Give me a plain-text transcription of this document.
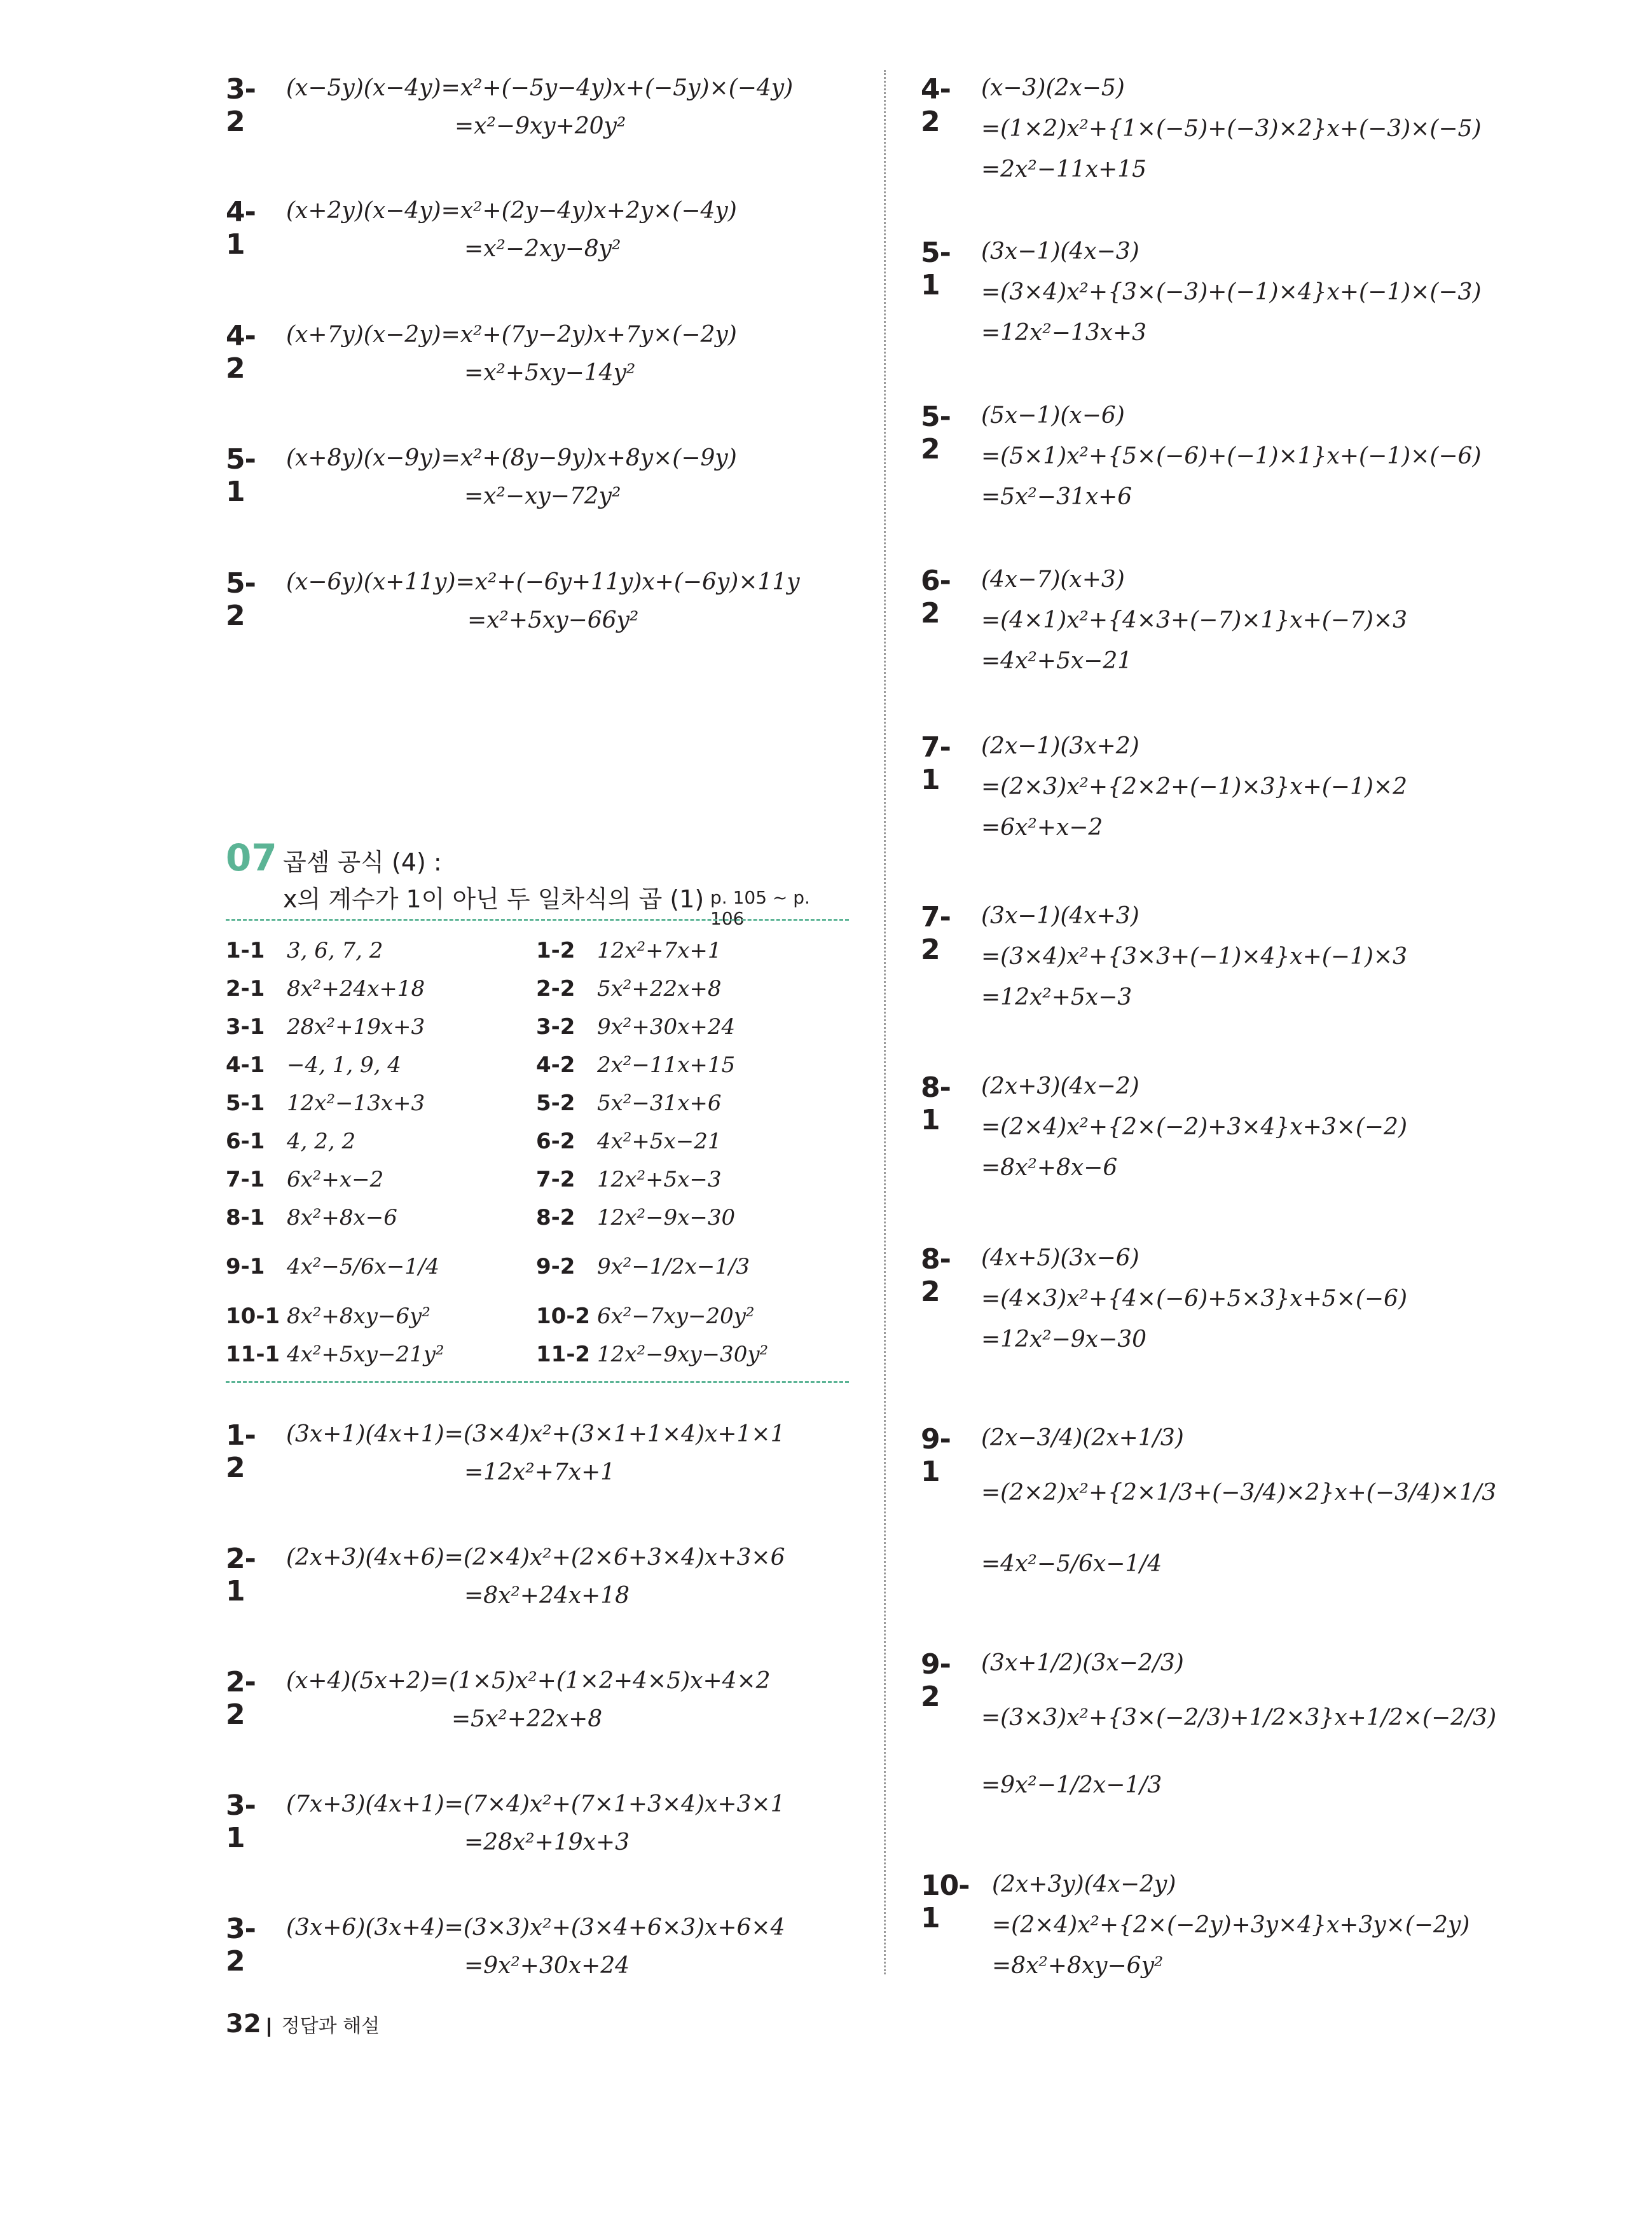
3-2
(x−5y)(x−4y)=x²+(−5y−4y)x+(−5y)×(−4y)
=x²−9xy+20y²
4-1
(x+2y)(x−4y)=x²+(2y−4y)x+2y×(−4y)
=x²−2xy−8y²
4-2
(x+7y)(x−2y)=x²+(7y−2y)x+7y×(−2y)
=x²+5xy−14y²
5-1
(x+8y)(x−9y)=x²+(8y−9y)x+8y×(−9y)
=x²−xy−72y²
5-2
(x−6y)(x+11y)=x²+(−6y+11y)x+(−6y)×11y
=x²+5xy−66y²
07 곱셈 공식 (4) :
x의 계수가 1이 아닌 두 일차식의 곱 (1) p. 105 ~ p. 106
1-1 3, 6, 7, 2	1-2 12x²+7x+1
2-1 8x²+24x+18	2-2 5x²+22x+8
3-1 28x²+19x+3	3-2 9x²+30x+24
4-1 −4, 1, 9, 4	4-2 2x²−11x+15
5-1 12x²−13x+3	5-2 5x²−31x+6
6-1 4, 2, 2	6-2 4x²+5x−21
7-1 6x²+x−2	7-2 12x²+5x−3
8-1 8x²+8x−6	8-2 12x²−9x−30
9-1 4x²−5/6x−1/4	9-2 9x²−1/2x−1/3
10-1 8x²+8xy−6y²	10-2 6x²−7xy−20y²
11-1 4x²+5xy−21y²	11-2 12x²−9xy−30y²
1-2
(3x+1)(4x+1)=(3×4)x²+(3×1+1×4)x+1×1
=12x²+7x+1
2-1
(2x+3)(4x+6)=(2×4)x²+(2×6+3×4)x+3×6
=8x²+24x+18
2-2
(x+4)(5x+2)=(1×5)x²+(1×2+4×5)x+4×2
=5x²+22x+8
3-1
(7x+3)(4x+1)=(7×4)x²+(7×1+3×4)x+3×1
=28x²+19x+3
3-2
(3x+6)(3x+4)=(3×3)x²+(3×4+6×3)x+6×4
=9x²+30x+24
4-2
(x−3)(2x−5)
=(1×2)x²+{1×(−5)+(−3)×2}x+(−3)×(−5)
=2x²−11x+15
5-1
(3x−1)(4x−3)
=(3×4)x²+{3×(−3)+(−1)×4}x+(−1)×(−3)
=12x²−13x+3
5-2
(5x−1)(x−6)
=(5×1)x²+{5×(−6)+(−1)×1}x+(−1)×(−6)
=5x²−31x+6
6-2
(4x−7)(x+3)
=(4×1)x²+{4×3+(−7)×1}x+(−7)×3
=4x²+5x−21
7-1
(2x−1)(3x+2)
=(2×3)x²+{2×2+(−1)×3}x+(−1)×2
=6x²+x−2
7-2
(3x−1)(4x+3)
=(3×4)x²+{3×3+(−1)×4}x+(−1)×3
=12x²+5x−3
8-1
(2x+3)(4x−2)
=(2×4)x²+{2×(−2)+3×4}x+3×(−2)
=8x²+8x−6
8-2
(4x+5)(3x−6)
=(4×3)x²+{4×(−6)+5×3}x+5×(−6)
=12x²−9x−30
9-1
(2x−3/4)(2x+1/3)
=(2×2)x²+{2×1/3+(−3/4)×2}x+(−3/4)×1/3
=4x²−5/6x−1/4
9-2
(3x+1/2)(3x−2/3)
=(3×3)x²+{3×(−2/3)+1/2×3}x+1/2×(−2/3)
=9x²−1/2x−1/3
10-1
(2x+3y)(4x−2y)
=(2×4)x²+{2×(−2y)+3y×4}x+3y×(−2y)
=8x²+8xy−6y²
32 정답과 해설
